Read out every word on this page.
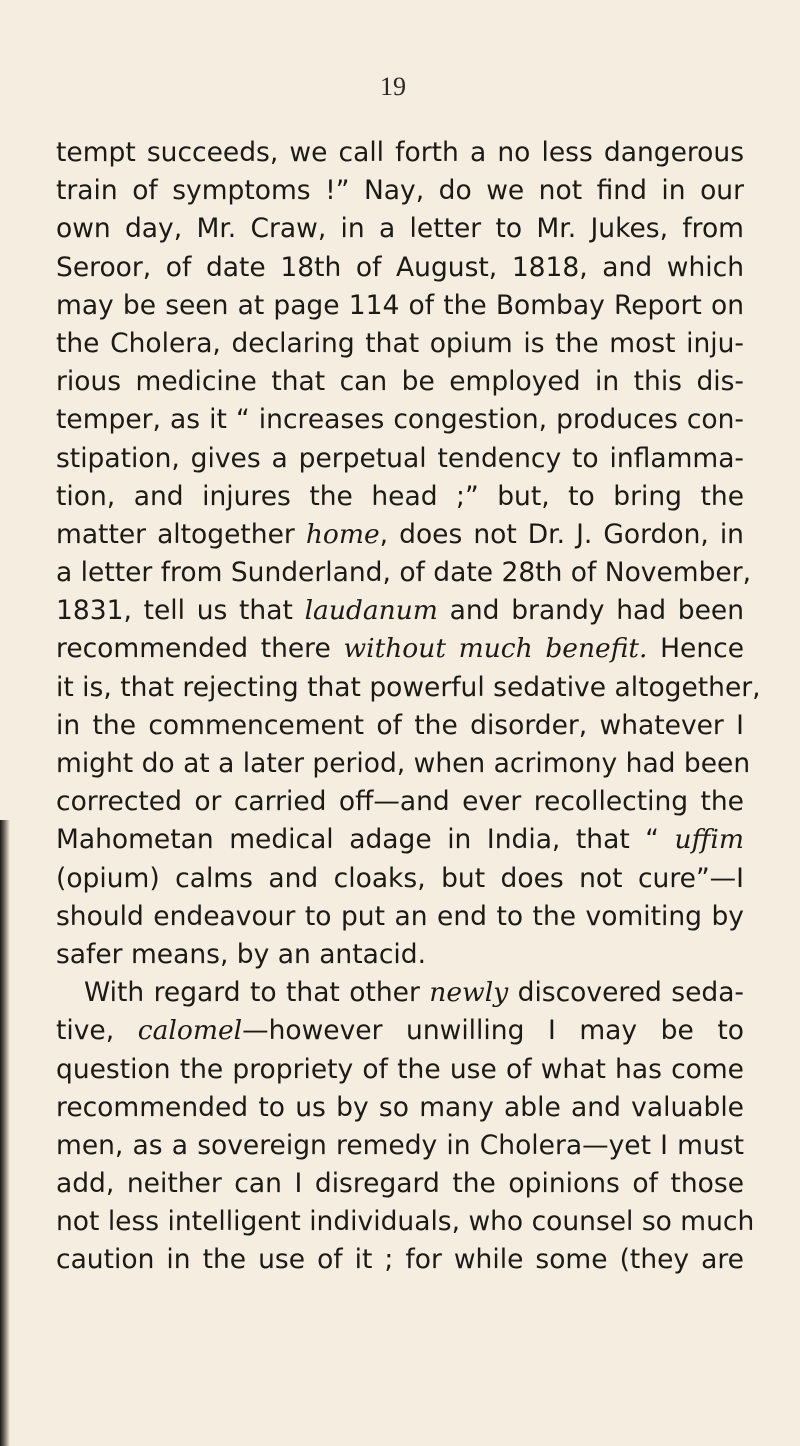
19
tempt succeeds, we call forth a no less dangerous
train of symptoms !” Nay, do we not find in our
own day, Mr. Craw, in a letter to Mr. Jukes, from
Seroor, of date 18th of August, 1818, and which
may be seen at page 114 of the Bombay Report on
the Cholera, declaring that opium is the most inju-
rious medicine that can be employed in this dis-
temper, as it “ increases congestion, produces con-
stipation, gives a perpetual tendency to inflamma-
tion, and injures the head ;” but, to bring the
matter altogether home, does not Dr. J. Gordon, in
a letter from Sunderland, of date 28th of November,
1831, tell us that laudanum and brandy had been
recommended there without much benefit. Hence
it is, that rejecting that powerful sedative altogether,
in the commencement of the disorder, whatever I
might do at a later period, when acrimony had been
corrected or carried off—and ever recollecting the
Mahometan medical adage in India, that “ uffim
(opium) calms and cloaks, but does not cure”—I
should endeavour to put an end to the vomiting by
safer means, by an antacid.
With regard to that other newly discovered seda-
tive, calomel—however unwilling I may be to
question the propriety of the use of what has come
recommended to us by so many able and valuable
men, as a sovereign remedy in Cholera—yet I must
add, neither can I disregard the opinions of those
not less intelligent individuals, who counsel so much
caution in the use of it ; for while some (they are
